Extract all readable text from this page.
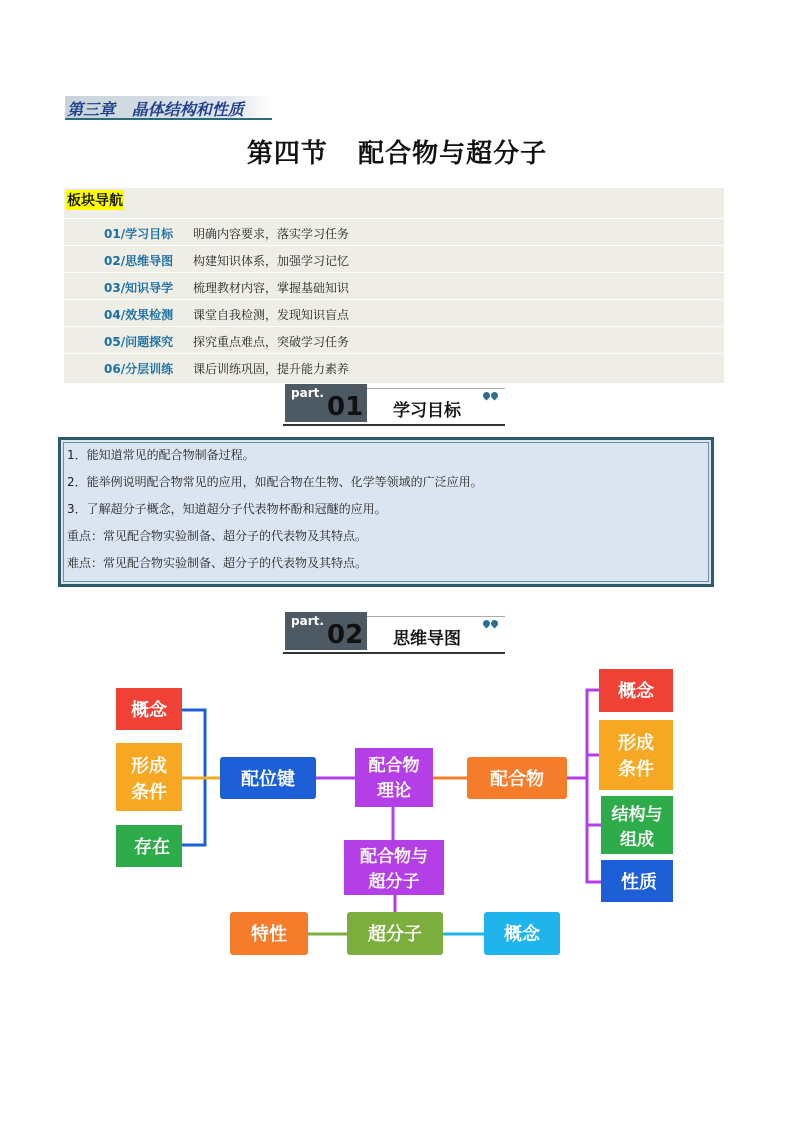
第三章   晶体结构和性质
第四节   配合物与超分子
板块导航
01/学习目标 明确内容要求，落实学习任务
02/思维导图 构建知识体系，加强学习记忆
03/知识导学 梳理教材内容，掌握基础知识
04/效果检测 课堂自我检测，发现知识盲点
05/问题探究 探究重点难点，突破学习任务
06/分层训练 课后训练巩固，提升能力素养
part. 01 学习目标
1．能知道常见的配合物制备过程。
2．能举例说明配合物常见的应用，如配合物在生物、化学等领域的广泛应用。
3．了解超分子概念，知道超分子代表物杯酚和冠醚的应用。
重点：常见配合物实验制备、超分子的代表物及其特点。
难点：常见配合物实验制备、超分子的代表物及其特点。
part. 02 思维导图
概念
形成
条件
存在
配位键
配合物
理论
配合物
概念
形成
条件
结构与
组成
性质
配合物与
超分子
超分子
特性	概念
